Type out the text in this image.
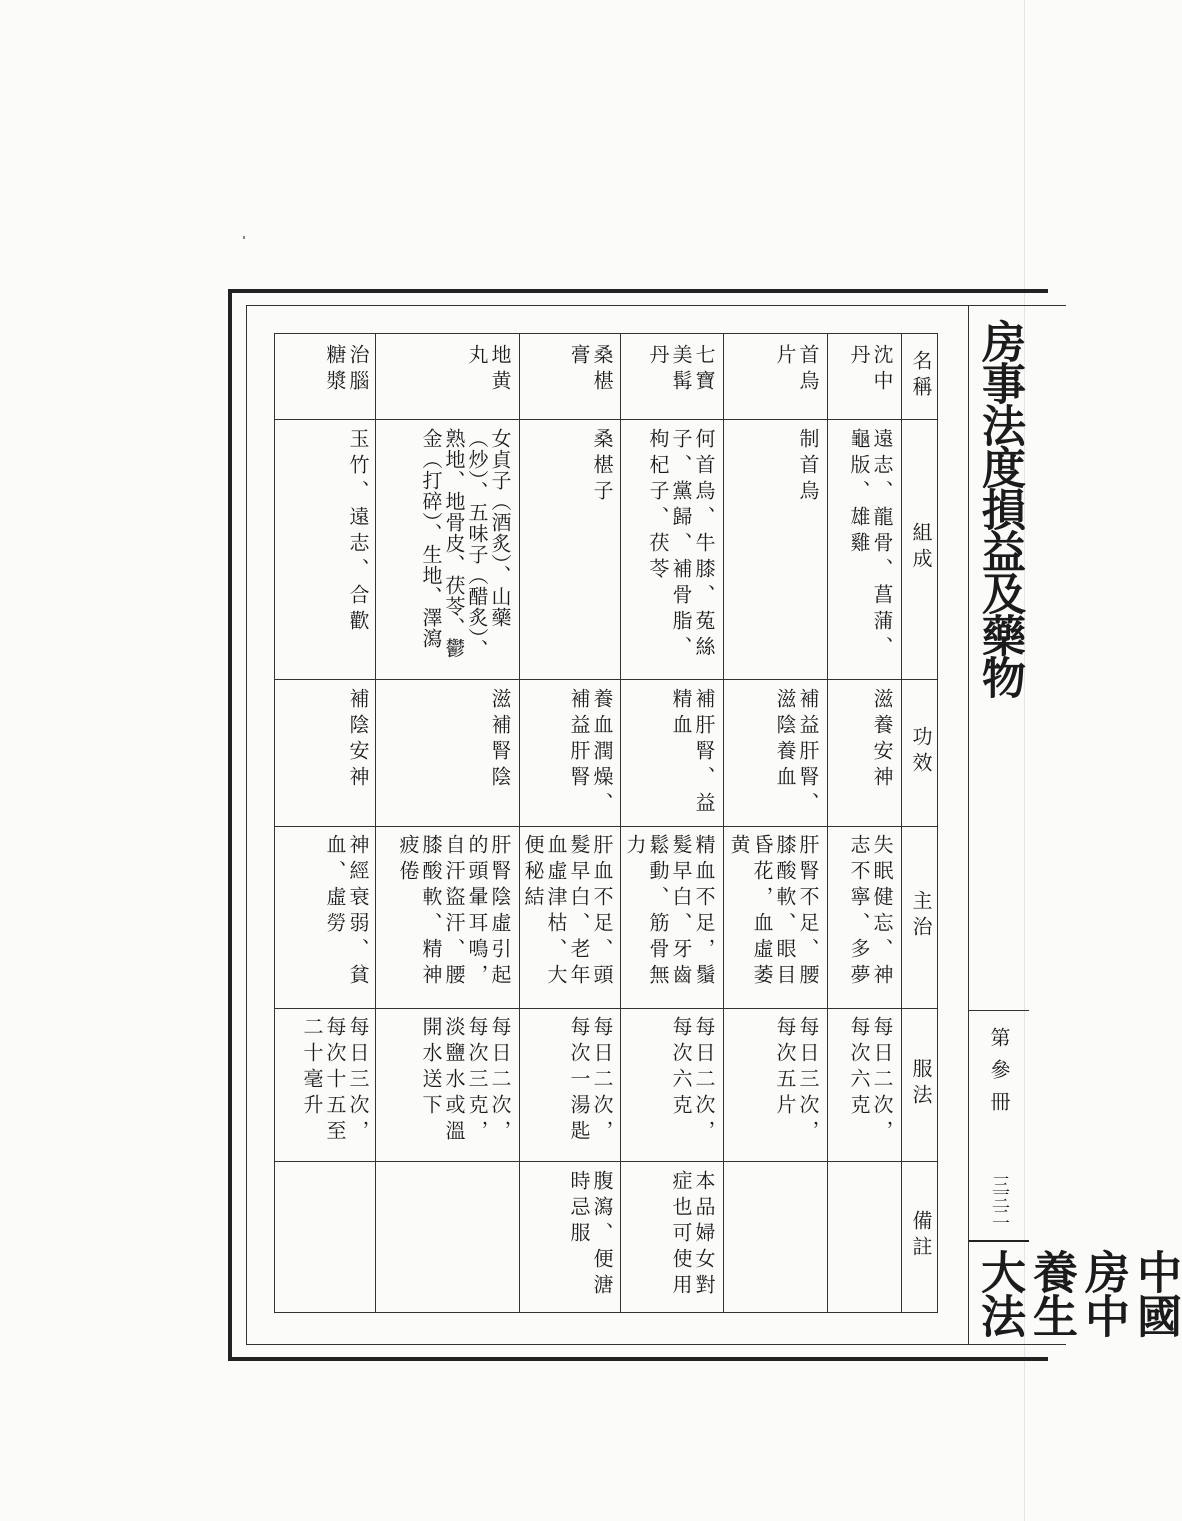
房事法度損益及藥物
第參冊
三三二
中國房中養生大法
名稱
組成
功效
主治
服法
備註
沈中丹
遠志、龍骨、菖蒲、龜版、雄雞
滋養安神
失眠健忘、神志不寧、多夢
每日二次，每次六克
首烏片
制首烏
補益肝腎、滋陰養血
肝腎不足、腰膝酸軟、眼目昏花，血虛萎黄
每日三次，每次五片
七寶美髯丹
何首烏、牛膝、菟絲子、黨歸、補骨脂、枸杞子、茯苓
補肝腎、益精血
精血不足，鬚髮早白、牙齒鬆動、筋骨無力
每日二次，每次六克
本品婦女對症也可使用
桑椹膏
桑椹子
養血潤燥、補益肝腎
肝血不足、頭髮早白、老年血虛津枯、大便秘結
每日二次，每次一湯匙
腹瀉、便溏時忌服
地黄丸
女貞子（酒炙）、山藥（炒）、五味子（醋炙）、熟地、地骨皮、茯苓、鬱金（打碎）、生地、澤瀉
滋補腎陰
肝腎陰虛引起的頭暈耳鳴，自汗盜汗、腰膝酸軟、精神疲倦
每日二次，每次三克，淡鹽水或溫開水送下
治腦糖漿
玉竹、遠志、合歡
補陰安神
神經衰弱、貧血、虛勞
每日三次，每次十五至二十毫升
